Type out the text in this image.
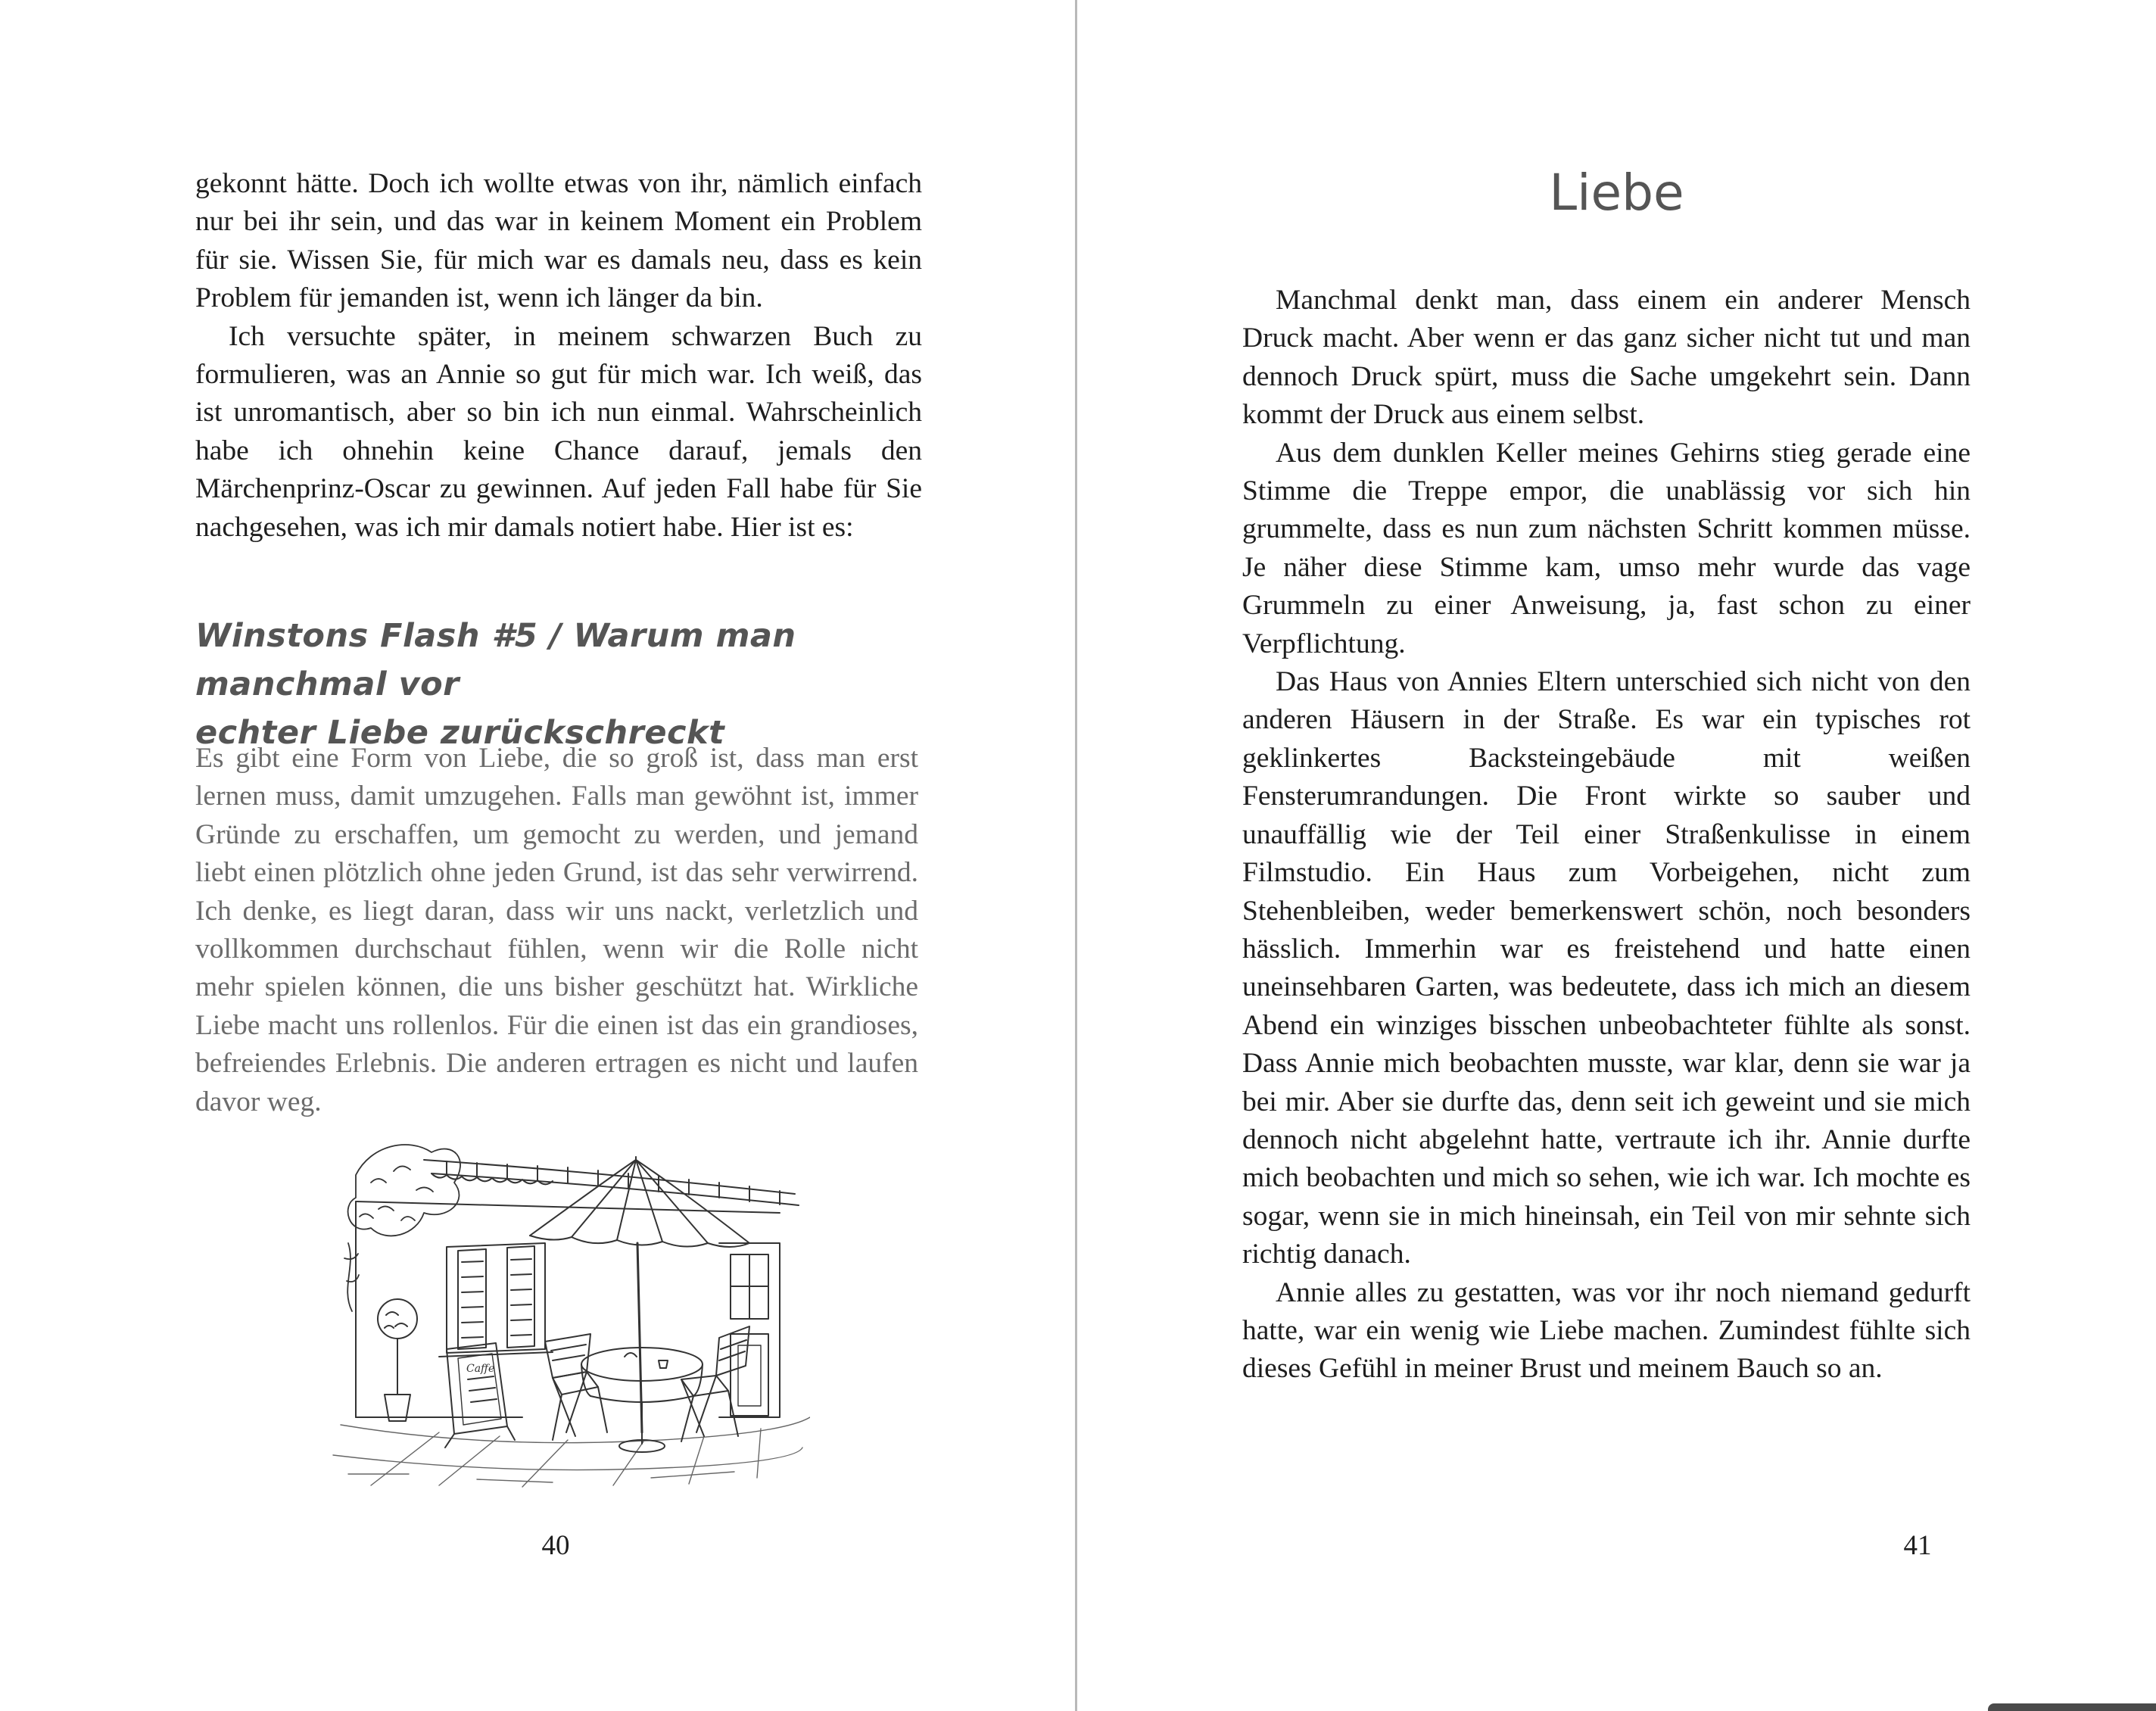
gekonnt hätte. Doch ich wollte etwas von ihr, nämlich einfach nur bei ihr sein, und das war in keinem Moment ein Problem für sie. Wissen Sie, für mich war es damals neu, dass es kein Problem für jemanden ist, wenn ich länger da bin.

Ich versuchte später, in meinem schwarzen Buch zu formulieren, was an Annie so gut für mich war. Ich weiß, das ist unromantisch, aber so bin ich nun einmal. Wahrscheinlich habe ich ohnehin keine Chance darauf, jemals den Märchenprinz-Oscar zu gewinnen. Auf jeden Fall habe für Sie nachgesehen, was ich mir damals notiert habe. Hier ist es:

Winstons Flash #5 / Warum man manchmal vor
echter Liebe zurückschreckt

Es gibt eine Form von Liebe, die so groß ist, dass man erst lernen muss, damit umzugehen. Falls man gewöhnt ist, immer Gründe zu erschaffen, um gemocht zu werden, und jemand liebt einen plötzlich ohne jeden Grund, ist das sehr verwirrend. Ich denke, es liegt daran, dass wir uns nackt, verletzlich und vollkommen durchschaut fühlen, wenn wir die Rolle nicht mehr spielen können, die uns bisher geschützt hat. Wirkliche Liebe macht uns rollenlos. Für die einen ist das ein grandioses, befreiendes Erlebnis. Die anderen ertragen es nicht und laufen davor weg.

Caffe

40

Liebe

Manchmal denkt man, dass einem ein anderer Mensch Druck macht. Aber wenn er das ganz sicher nicht tut und man dennoch Druck spürt, muss die Sache umgekehrt sein. Dann kommt der Druck aus einem selbst.

Aus dem dunklen Keller meines Gehirns stieg gerade eine Stimme die Treppe empor, die unablässig vor sich hin grummelte, dass es nun zum nächsten Schritt kommen müsse. Je näher diese Stimme kam, umso mehr wurde das vage Grummeln zu einer Anweisung, ja, fast schon zu einer Verpflichtung.

Das Haus von Annies Eltern unterschied sich nicht von den anderen Häusern in der Straße. Es war ein typisches rot geklinkertes Backsteingebäude mit weißen Fensterumrandungen. Die Front wirkte so sauber und unauffällig wie der Teil einer Straßenkulisse in einem Filmstudio. Ein Haus zum Vorbeigehen, nicht zum Stehenbleiben, weder bemerkenswert schön, noch besonders hässlich. Immerhin war es freistehend und hatte einen uneinsehbaren Garten, was bedeutete, dass ich mich an diesem Abend ein winziges bisschen unbeobachteter fühlte als sonst. Dass Annie mich beobachten musste, war klar, denn sie war ja bei mir. Aber sie durfte das, denn seit ich geweint und sie mich dennoch nicht abgelehnt hatte, vertraute ich ihr. Annie durfte mich beobachten und mich so sehen, wie ich war. Ich mochte es sogar, wenn sie in mich hineinsah, ein Teil von mir sehnte sich richtig danach.

Annie alles zu gestatten, was vor ihr noch niemand gedurft hatte, war ein wenig wie Liebe machen. Zumindest fühlte sich dieses Gefühl in meiner Brust und meinem Bauch so an.

41
